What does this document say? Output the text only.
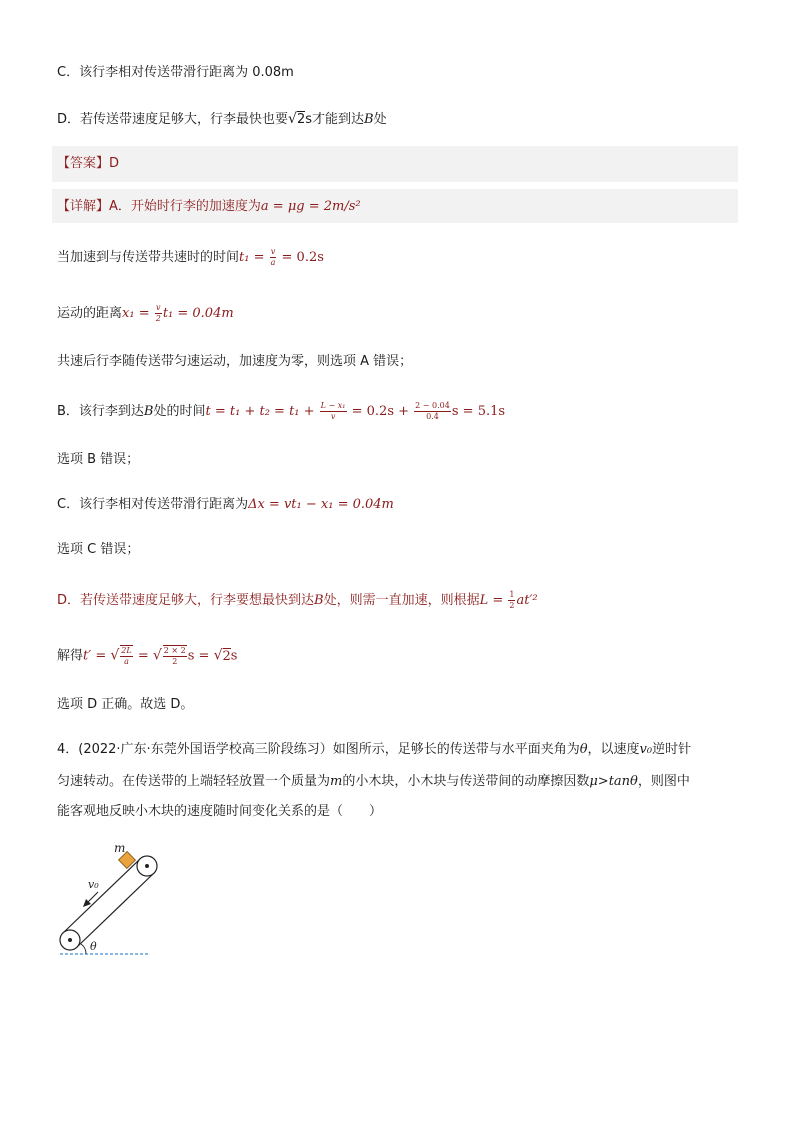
C．该行李相对传送带滑行距离为 0.08m
D．若传送带速度足够大，行李最快也要√2s才能到达B处
【答案】D
【详解】A．开始时行李的加速度为a = μg = 2m/s²
当加速到与传送带共速时的时间$t_1 = \frac{v}{a} = 0.2s$
运动的距离$x_1 = \frac{v}{2} t_1 = 0.04m$
共速后行李随传送带匀速运动，加速度为零，则选项 A 错误；
B．该行李到达B处的时间$t = t_1 + t_2 = t_1 + \frac{\text{L − x₁}}{v} = 0.2s + \frac{2 - 0.04}{0.4}$ s = 5.1s
选项 B 错误；
C．该行李相对传送带滑行距离为Δx = vt₁ − x₁ = 0.04m
选项 C 错误；
D．若传送带速度足够大，行李要想最快到达B处，则需一直加速，则根据$L = \frac{1}{2} at'^2$
解得t′ = √ $\frac{2L}{a}$ = √ $\frac{2 \times 2}{2}$ s = √2s
选项 D 正确。故选 D。
4．(2022·广东·东莞外国语学校高三阶段练习）如图所示，足够长的传送带与水平面夹角为θ，以速度v₀逆时针
匀速转动。在传送带的上端轻轻放置一个质量为m的小木块，小木块与传送带间的动摩擦因数μ>tanθ，则图中
能客观地反映小木块的速度随时间变化关系的是（　　）
m
v₀
θ
